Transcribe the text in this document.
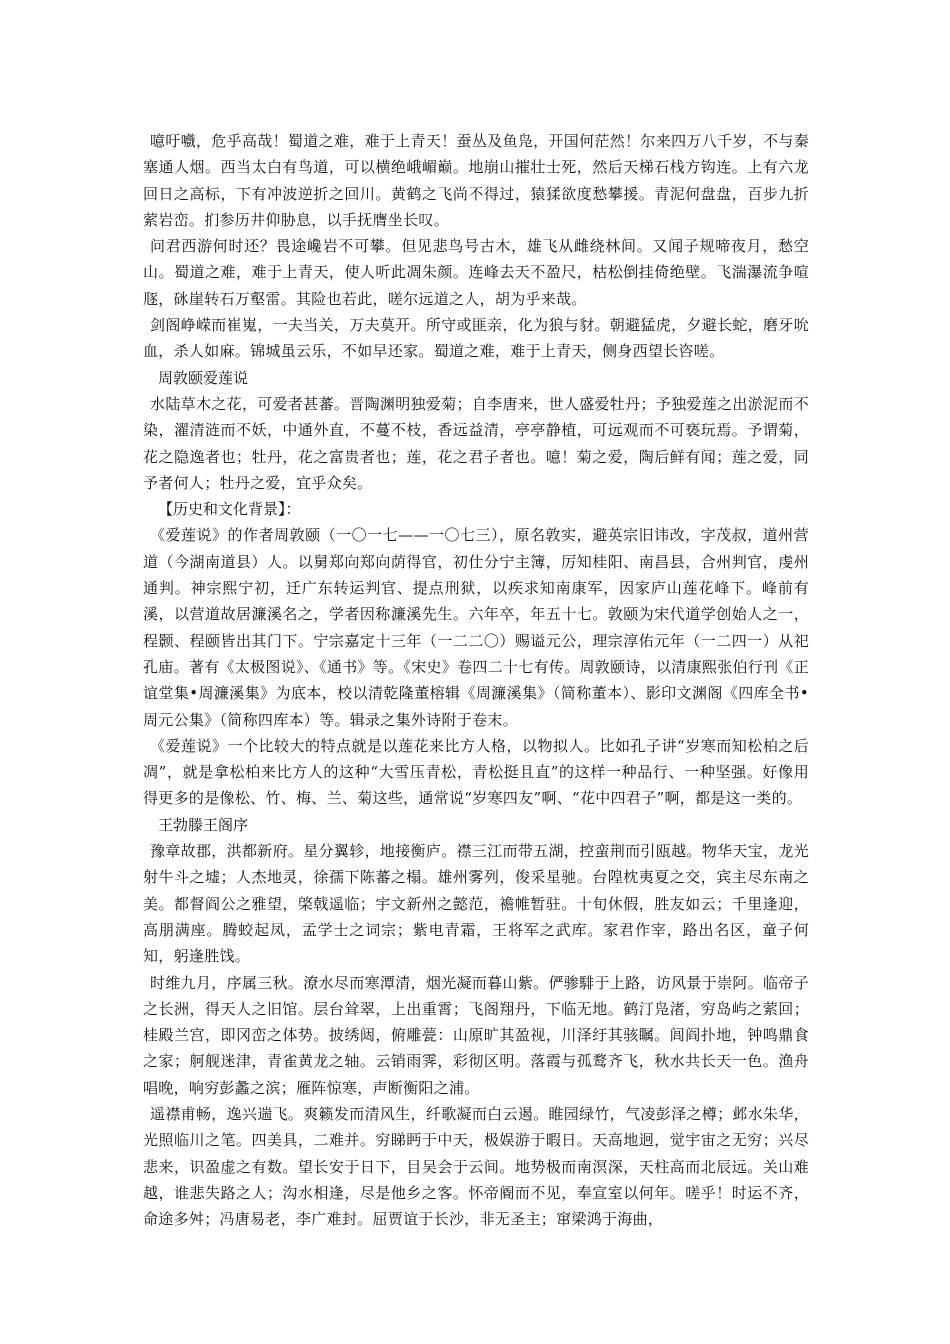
噫吁嚱，危乎高哉！蜀道之难，难于上青天！蚕丛及鱼凫，开国何茫然！尔来四万八千岁，不与秦塞通人烟。西当太白有鸟道，可以横绝峨嵋巅。地崩山摧壮士死，然后天梯石栈方钩连。上有六龙回日之高标，下有冲波逆折之回川。黄鹤之飞尚不得过，猿猱欲度愁攀援。青泥何盘盘，百步九折萦岩峦。扪参历井仰胁息，以手抚膺坐长叹。

问君西游何时还？畏途巉岩不可攀。但见悲鸟号古木，雄飞从雌绕林间。又闻子规啼夜月，愁空山。蜀道之难，难于上青天，使人听此凋朱颜。连峰去天不盈尺，枯松倒挂倚绝壁。飞湍瀑流争喧豗，砯崖转石万壑雷。其险也若此，嗟尔远道之人，胡为乎来哉。

剑阁峥嵘而崔嵬，一夫当关，万夫莫开。所守或匪亲，化为狼与豺。朝避猛虎，夕避长蛇，磨牙吮血，杀人如麻。锦城虽云乐，不如早还家。蜀道之难，难于上青天，侧身西望长咨嗟。

周敦颐爱莲说

水陆草木之花，可爱者甚蕃。晋陶渊明独爱菊；自李唐来，世人盛爱牡丹；予独爱莲之出淤泥而不染，濯清涟而不妖，中通外直，不蔓不枝，香远益清，亭亭静植，可远观而不可亵玩焉。予谓菊，花之隐逸者也；牡丹，花之富贵者也；莲，花之君子者也。噫！菊之爱，陶后鲜有闻；莲之爱，同予者何人；牡丹之爱，宜乎众矣。

【历史和文化背景】：

《爱莲说》的作者周敦颐（一〇一七——一〇七三），原名敦实，避英宗旧讳改，字茂叔，道州营道（今湖南道县）人。以舅郑向郑向荫得官，初仕分宁主簿，厉知桂阳、南昌县，合州判官，虔州通判。神宗熙宁初，迁广东转运判官、提点刑狱，以疾求知南康军，因家庐山莲花峰下。峰前有溪，以营道故居濂溪名之，学者因称濂溪先生。六年卒，年五十七。敦颐为宋代道学创始人之一，程颢、程颐皆出其门下。宁宗嘉定十三年（一二二〇）赐谥元公，理宗淳佑元年（一二四一）从祀孔庙。著有《太极图说》、《通书》等。《宋史》卷四二十七有传。周敦颐诗，以清康熙张伯行刊《正谊堂集•周濂溪集》为底本，校以清乾隆董榕辑《周濂溪集》（简称董本）、影印文渊阁《四库全书•周元公集》（简称四库本）等。辑录之集外诗附于卷末。

《爱莲说》一个比较大的特点就是以莲花来比方人格，以物拟人。比如孔子讲“岁寒而知松柏之后凋”，就是拿松柏来比方人的这种“大雪压青松，青松挺且直”的这样一种品行、一种坚强。好像用得更多的是像松、竹、梅、兰、菊这些，通常说“岁寒四友”啊、“花中四君子”啊，都是这一类的。

王勃滕王阁序

豫章故郡，洪都新府。星分翼轸，地接衡庐。襟三江而带五湖，控蛮荆而引瓯越。物华天宝，龙光射牛斗之墟；人杰地灵，徐孺下陈蕃之榻。雄州雾列，俊采星驰。台隍枕夷夏之交，宾主尽东南之美。都督阎公之雅望，棨戟遥临；宇文新州之懿范，襜帷暂驻。十旬休假，胜友如云；千里逢迎，高朋满座。腾蛟起凤，孟学士之词宗；紫电青霜，王将军之武库。家君作宰，路出名区，童子何知，躬逢胜饯。

时维九月，序属三秋。潦水尽而寒潭清，烟光凝而暮山紫。俨骖騑于上路，访风景于崇阿。临帝子之长洲，得天人之旧馆。层台耸翠，上出重霄；飞阁翔丹，下临无地。鹤汀凫渚，穷岛屿之萦回；桂殿兰宫，即冈峦之体势。披绣闼，俯雕甍：山原旷其盈视，川泽纡其骇瞩。闾阎扑地，钟鸣鼎食之家；舸舰迷津，青雀黄龙之轴。云销雨霁，彩彻区明。落霞与孤鹜齐飞，秋水共长天一色。渔舟唱晚，响穷彭蠡之滨；雁阵惊寒，声断衡阳之浦。

遥襟甫畅，逸兴遄飞。爽籁发而清风生，纤歌凝而白云遏。睢园绿竹，气凌彭泽之樽；邺水朱华，光照临川之笔。四美具，二难并。穷睇眄于中天，极娱游于暇日。天高地迥，觉宇宙之无穷；兴尽悲来，识盈虚之有数。望长安于日下，目吴会于云间。地势极而南溟深，天柱高而北辰远。关山难越，谁悲失路之人；沟水相逢，尽是他乡之客。怀帝阍而不见，奉宣室以何年。嗟乎！时运不齐，命途多舛；冯唐易老，李广难封。屈贾谊于长沙，非无圣主；窜梁鸿于海曲，
